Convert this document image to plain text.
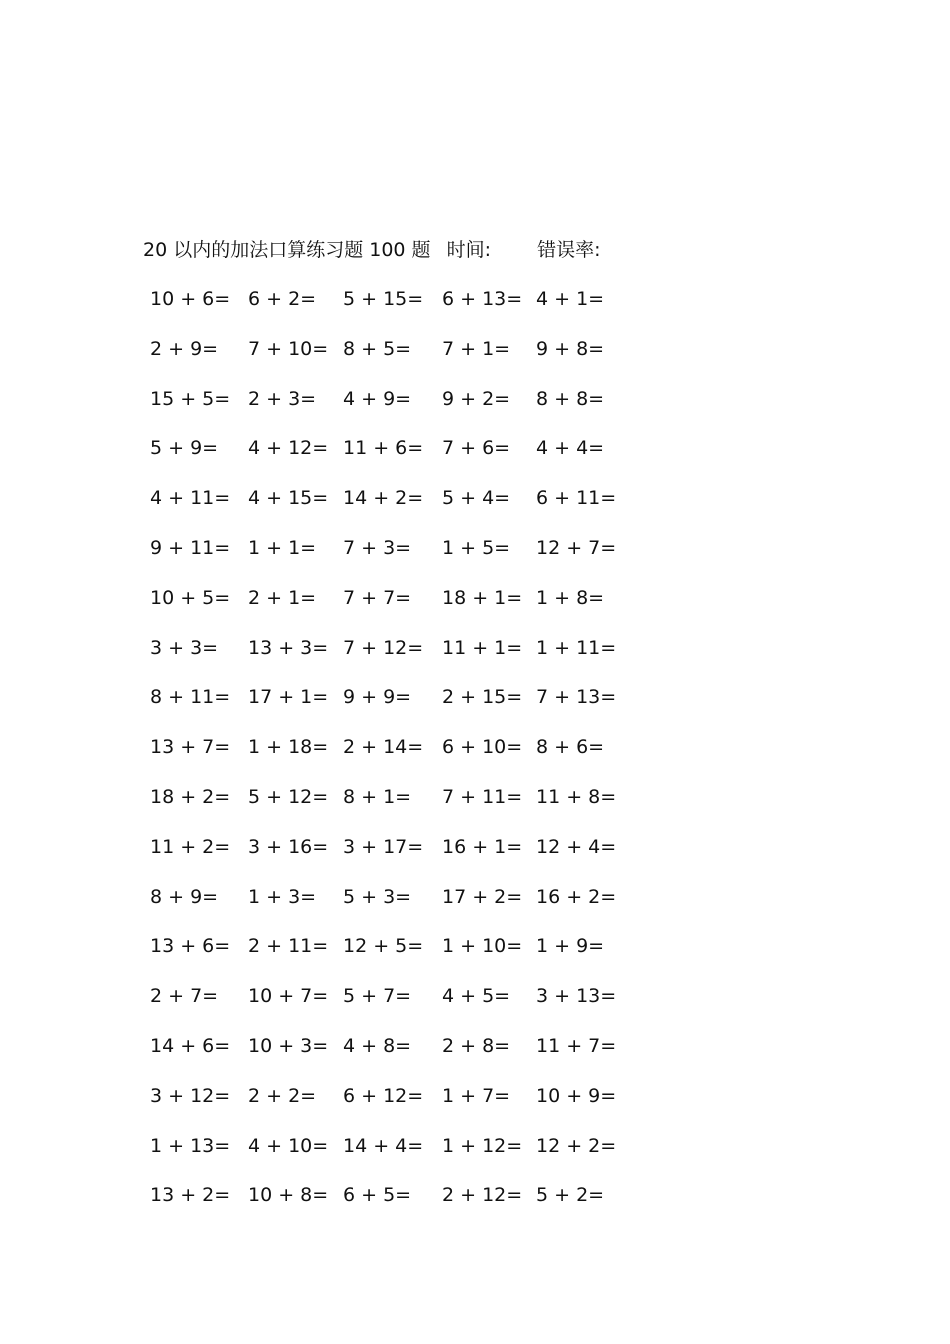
20 以内的加法口算练习题 100 题 时间: 错误率:
10 + 6= 6 + 2= 5 + 15= 6 + 13= 4 + 1=
2 + 9= 7 + 10= 8 + 5= 7 + 1= 9 + 8=
15 + 5= 2 + 3= 4 + 9= 9 + 2= 8 + 8=
5 + 9= 4 + 12= 11 + 6= 7 + 6= 4 + 4=
4 + 11= 4 + 15= 14 + 2= 5 + 4= 6 + 11=
9 + 11= 1 + 1= 7 + 3= 1 + 5= 12 + 7=
10 + 5= 2 + 1= 7 + 7= 18 + 1= 1 + 8=
3 + 3= 13 + 3= 7 + 12= 11 + 1= 1 + 11=
8 + 11= 17 + 1= 9 + 9= 2 + 15= 7 + 13=
13 + 7= 1 + 18= 2 + 14= 6 + 10= 8 + 6=
18 + 2= 5 + 12= 8 + 1= 7 + 11= 11 + 8=
11 + 2= 3 + 16= 3 + 17= 16 + 1= 12 + 4=
8 + 9= 1 + 3= 5 + 3= 17 + 2= 16 + 2=
13 + 6= 2 + 11= 12 + 5= 1 + 10= 1 + 9=
2 + 7= 10 + 7= 5 + 7= 4 + 5= 3 + 13=
14 + 6= 10 + 3= 4 + 8= 2 + 8= 11 + 7=
3 + 12= 2 + 2= 6 + 12= 1 + 7= 10 + 9=
1 + 13= 4 + 10= 14 + 4= 1 + 12= 12 + 2=
13 + 2= 10 + 8= 6 + 5= 2 + 12= 5 + 2=
